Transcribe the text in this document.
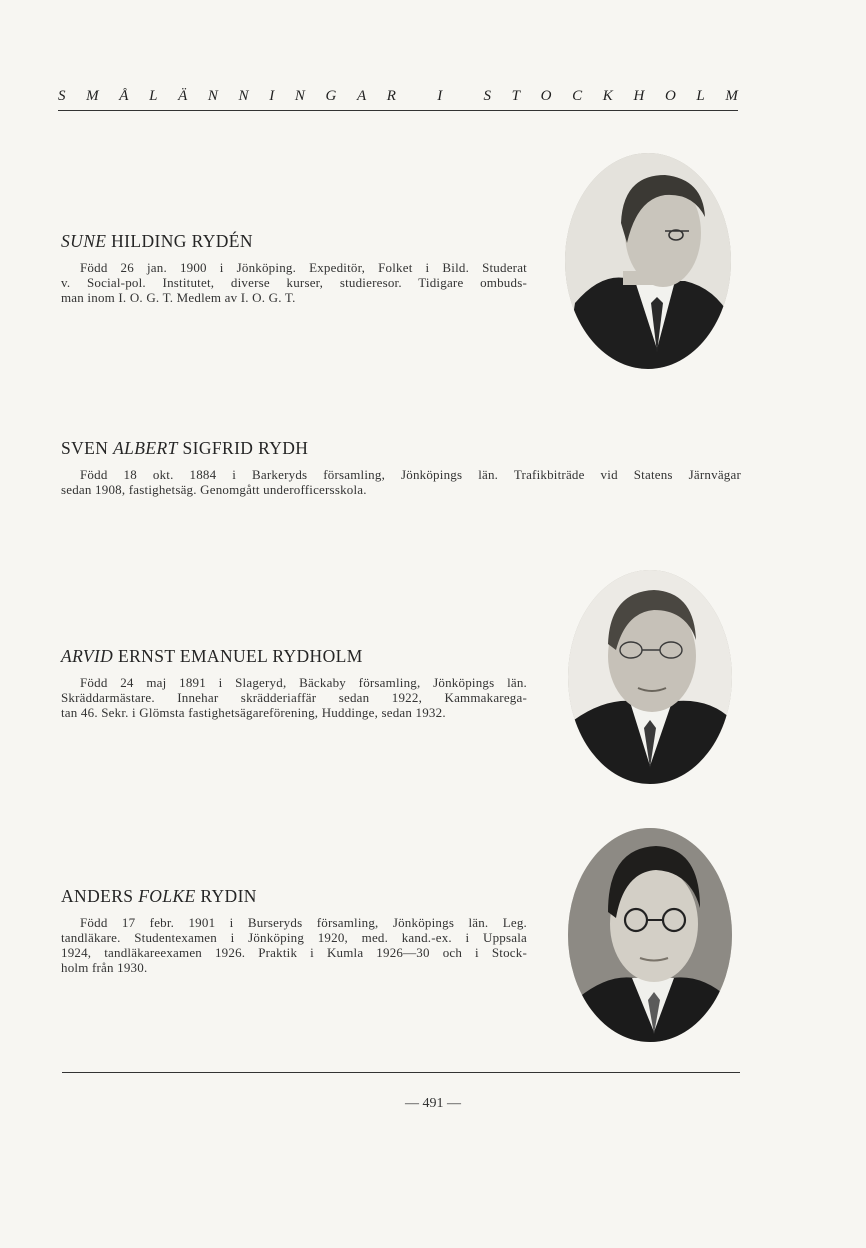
S M Å L Ä N N I N G A R	I	S T O C K H O L M
SUNE HILDING RYDÉN
Född 26 jan. 1900 i Jönköping. Expeditör, Folket i Bild. Studerat
v. Social-pol. Institutet, diverse kurser, studieresor. Tidigare ombuds-
man inom I. O. G. T. Medlem av I. O. G. T.
SVEN ALBERT SIGFRID RYDH
Född 18 okt. 1884 i Barkeryds församling, Jönköpings län. Trafikbiträde vid Statens Järnvägar
sedan 1908, fastighetsäg. Genomgått underofficersskola.
ARVID ERNST EMANUEL RYDHOLM
Född 24 maj 1891 i Slageryd, Bäckaby församling, Jönköpings län.
Skräddarmästare. Innehar skrädderiaffär sedan 1922, Kammakarega-
tan 46. Sekr. i Glömsta fastighetsägareförening, Huddinge, sedan 1932.
ANDERS FOLKE RYDIN
Född 17 febr. 1901 i Burseryds församling, Jönköpings län. Leg.
tandläkare. Studentexamen i Jönköping 1920, med. kand.-ex. i Uppsala
1924, tandläkareexamen 1926. Praktik i Kumla 1926—30 och i Stock-
holm från 1930.
— 491 —
